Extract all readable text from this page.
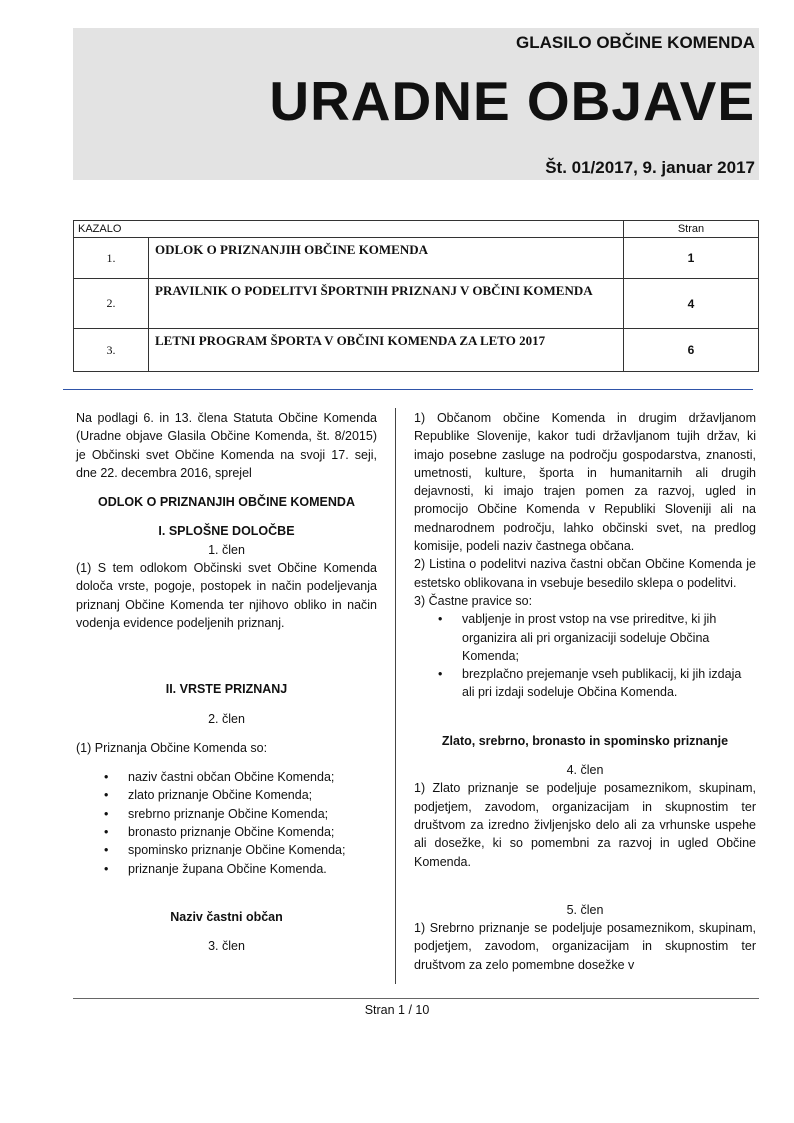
GLASILO OBČINE KOMENDA
URADNE OBJAVE
Št. 01/2017, 9. januar 2017
KAZALO		Stran
1.	ODLOK O PRIZNANJIH OBČINE KOMENDA	1
2.	PRAVILNIK O PODELITVI ŠPORTNIH PRIZNANJ V OBČINI KOMENDA	4
3.	LETNI PROGRAM ŠPORTA V OBČINI KOMENDA ZA LETO 2017	6

Na podlagi 6. in 13. člena Statuta Občine Komenda (Uradne objave Glasila Občine Komenda, št. 8/2015) je Občinski svet Občine Komenda na svoji 17. seji, dne 22. decembra 2016, sprejel

ODLOK O PRIZNANJIH OBČINE KOMENDA

I. SPLOŠNE DOLOČBE

1. člen

(1) S tem odlokom Občinski svet Občine Komenda določa vrste, pogoje, postopek in način podeljevanja priznanj Občine Komenda ter njihovo obliko in način vodenja evidence podeljenih priznanj.

II. VRSTE PRIZNANJ

2. člen

(1) Priznanja Občine Komenda so:

• naziv častni občan Občine Komenda;
• zlato priznanje Občine Komenda;
• srebrno priznanje Občine Komenda;
• bronasto priznanje Občine Komenda;
• spominsko priznanje Občine Komenda;
• priznanje župana Občine Komenda.

Naziv častni občan

3. člen

1) Občanom občine Komenda in drugim državljanom Republike Slovenije, kakor tudi državljanom tujih držav, ki imajo posebne zasluge na področju gospodarstva, znanosti, umetnosti, kulture, športa in humanitarnih ali drugih dejavnosti, ki imajo trajen pomen za razvoj, ugled in promocijo Občine Komenda v Republiki Sloveniji ali na mednarodnem področju, lahko občinski svet, na predlog komisije, podeli naziv častnega občana.

2) Listina o podelitvi naziva častni občan Občine Komenda je estetsko oblikovana in vsebuje besedilo sklepa o podelitvi.

3) Častne pravice so:

• vabljenje in prost vstop na vse prireditve, ki jih organizira ali pri organizaciji sodeluje Občina Komenda;
• brezplačno prejemanje vseh publikacij, ki jih izdaja ali pri izdaji sodeluje Občina Komenda.

Zlato, srebrno, bronasto in spominsko priznanje

4. člen

1) Zlato priznanje se podeljuje posameznikom, skupinam, podjetjem, zavodom, organizacijam in skupnostim ter društvom za izredno življenjsko delo ali za vrhunske uspehe ali dosežke, ki so pomembni za razvoj in ugled Občine Komenda.

5. člen

1) Srebrno priznanje se podeljuje posameznikom, skupinam, podjetjem, zavodom, organizacijam in skupnostim ter društvom za zelo pomembne dosežke v

Stran 1 / 10
